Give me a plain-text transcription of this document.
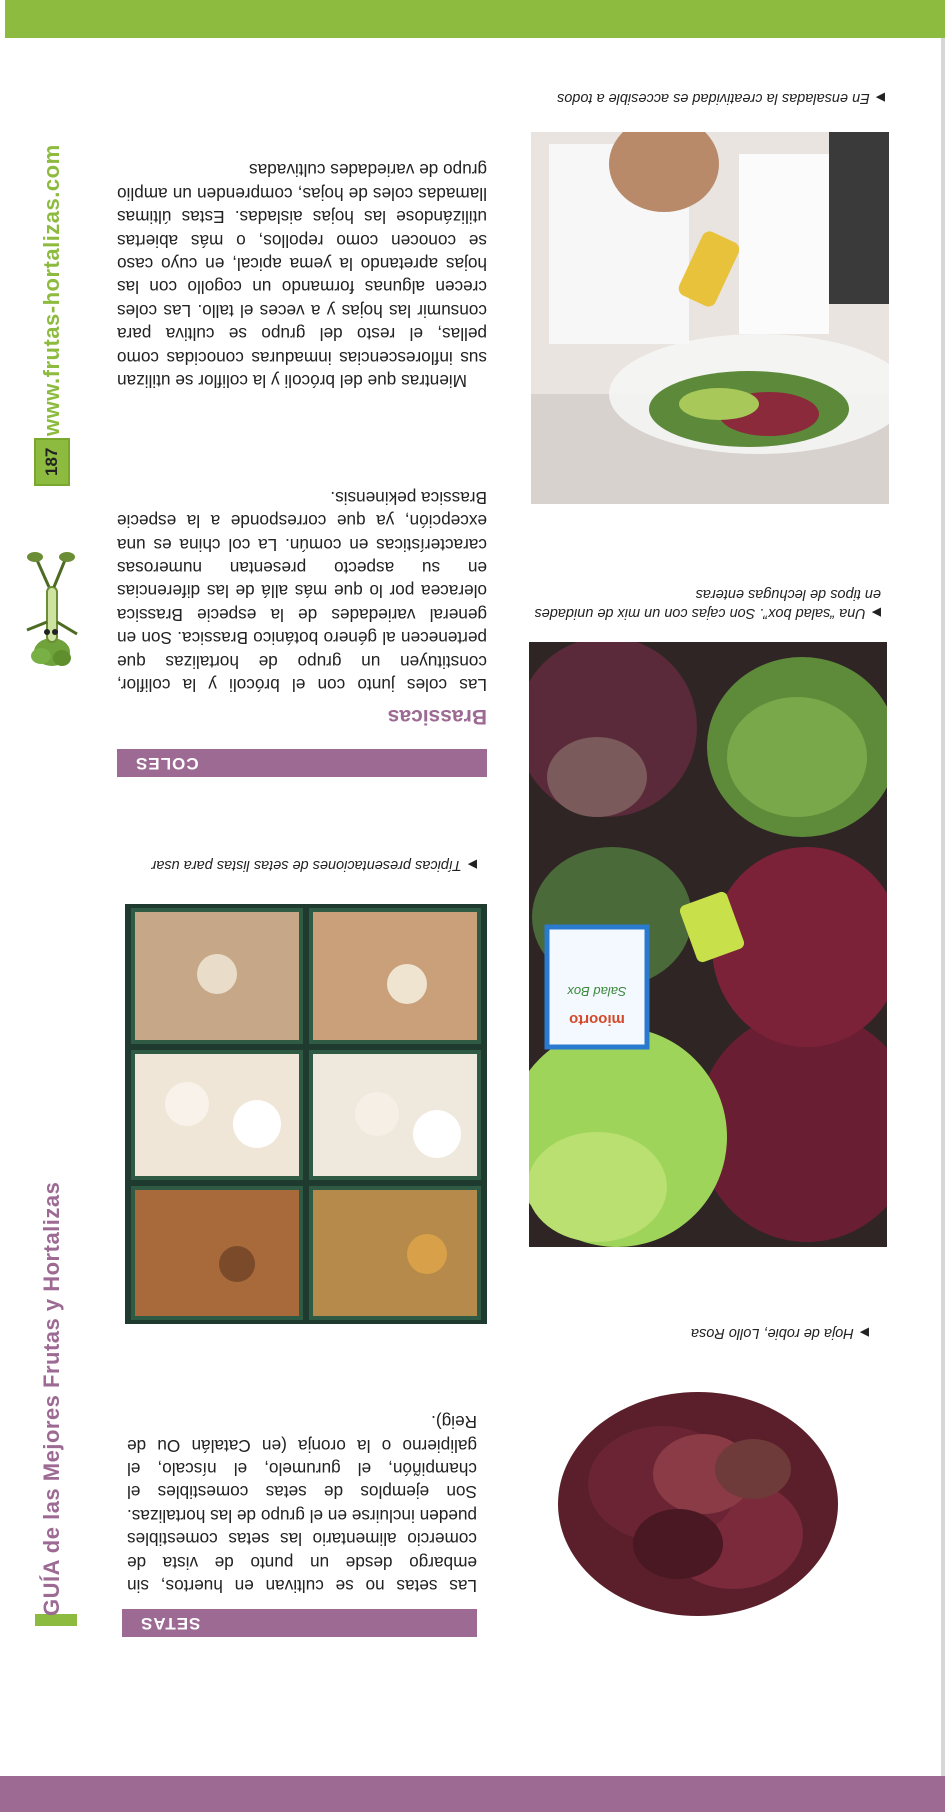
GUÍA de las Mejores Frutas y Hortalizas
187
www.frutas-hortalizas.com
▶Hoja de robie, Lollo Rosa
mioorto
Salad Box
▶Una “salad box”. Son cajas con un mix de unidades en tipos de lechugas enteras
▶En ensaladas la creatividad es accesible a todos
SETAS
Las setas no se cultivan en huertos, sin embargo desde un punto de vista de comercio alimentario las setas comestibles pueden incluirse en el grupo de las hortalizas. Son ejemplos de setas comestibles el champiñón, el gurumelo, el níscalo, el galipierno o la oronja (en Catalán Ou de Reig).
▶Típicas presentaciones de setas listas para usar
COLES
Brassicas
Las coles junto con el brócoli y la coliflor, constituyen un grupo de hortalizas que pertenecen al género botánico Brassica. Son en general variedades de la especie Brassica oleracea por lo que más allá de las diferencias en su aspecto presentan numerosas características en común. La col china es una excepción, ya que corresponde a la especie Brassica pekinensis.
Mientras que del brócoli y la coliflor se utilizan sus inflorescencias inmaduras conocidas como pellas, el resto del grupo se cultiva para consumir las hojas y a veces el tallo. Las coles crecen algunas formando un cogollo con las hojas apretando la yema apical, en cuyo caso se conocen como repollos, o más abiertas utilizándose las hojas aisladas. Estas últimas llamadas coles de hojas, comprenden un amplio grupo de variedades cultivadas
